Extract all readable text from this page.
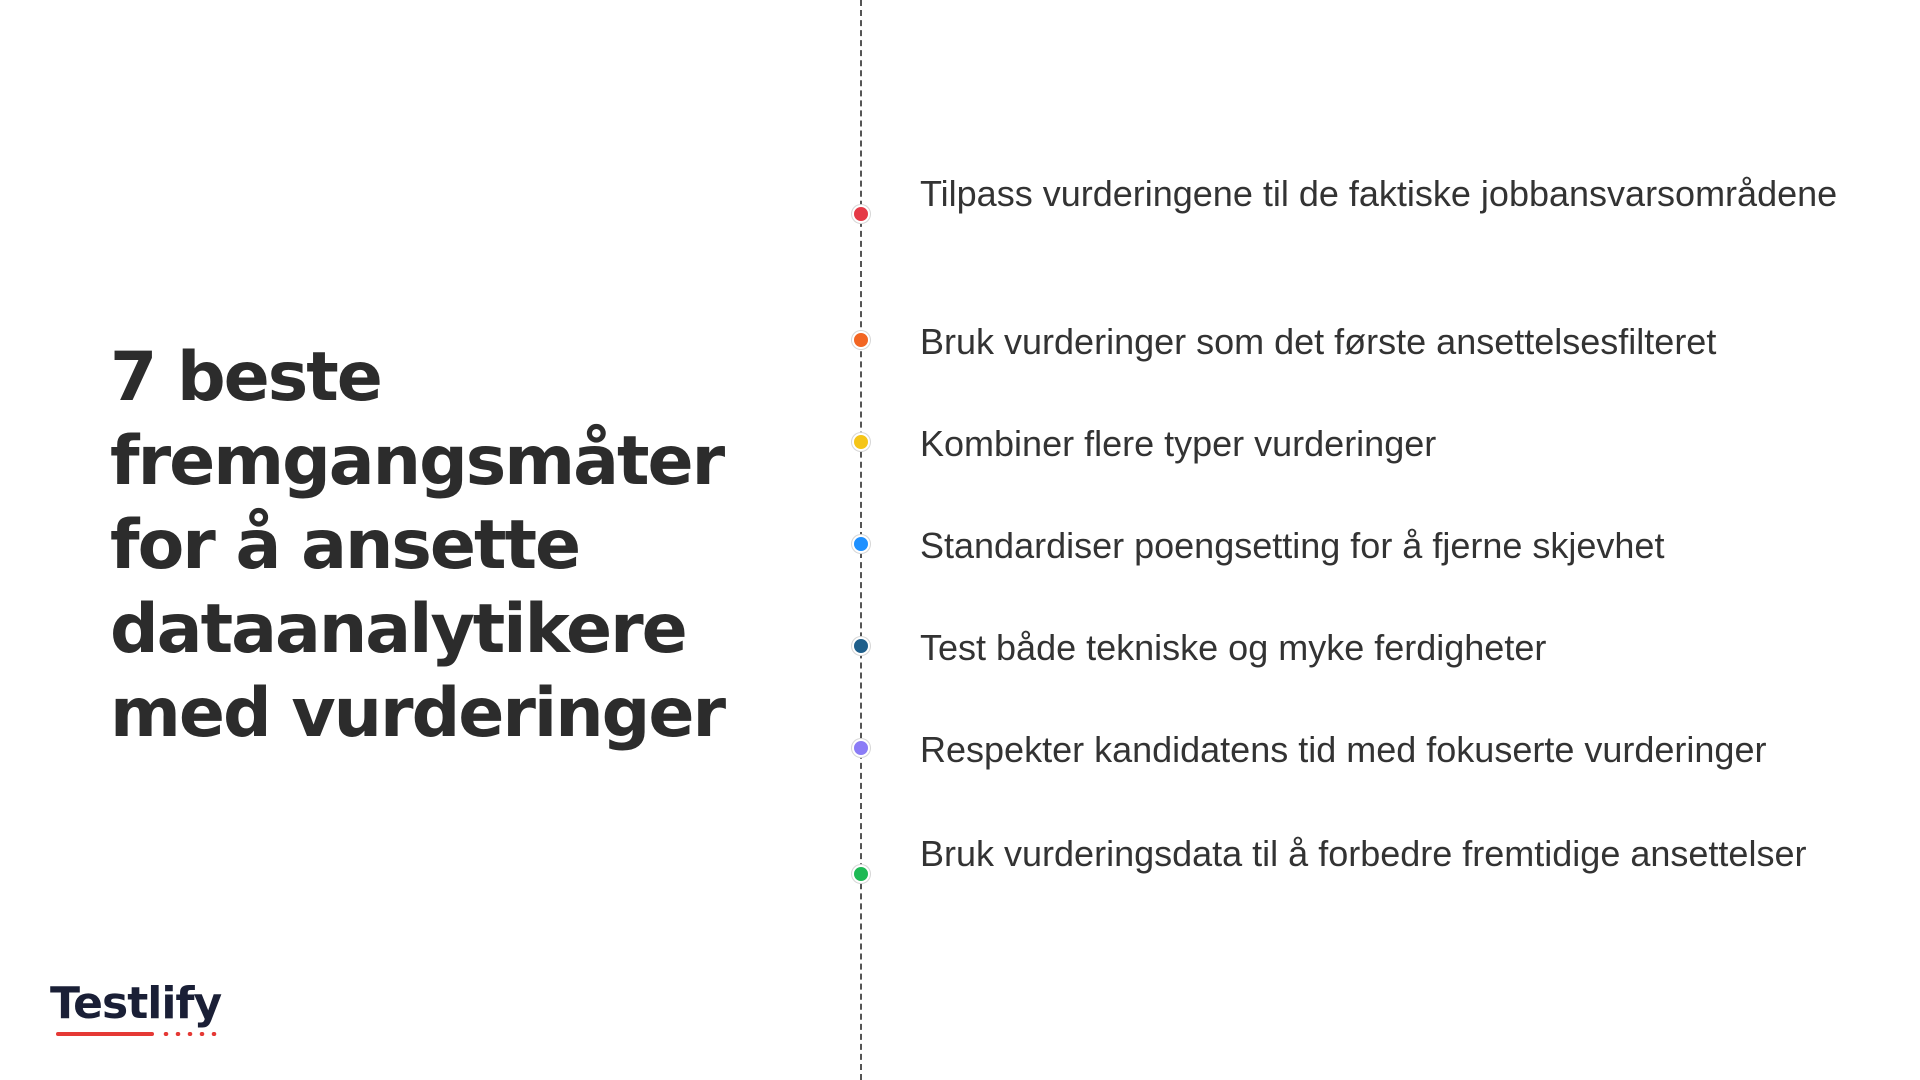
7 beste
fremgangsmåter
for å ansette
dataanalytikere
med vurderinger
Tilpass vurderingene til de faktiske jobbansvarsområdene
Bruk vurderinger som det første ansettelsesfilteret
Kombiner flere typer vurderinger
Standardiser poengsetting for å fjerne skjevhet
Test både tekniske og myke ferdigheter
Respekter kandidatens tid med fokuserte vurderinger
Bruk vurderingsdata til å forbedre fremtidige ansettelser
Testlify
